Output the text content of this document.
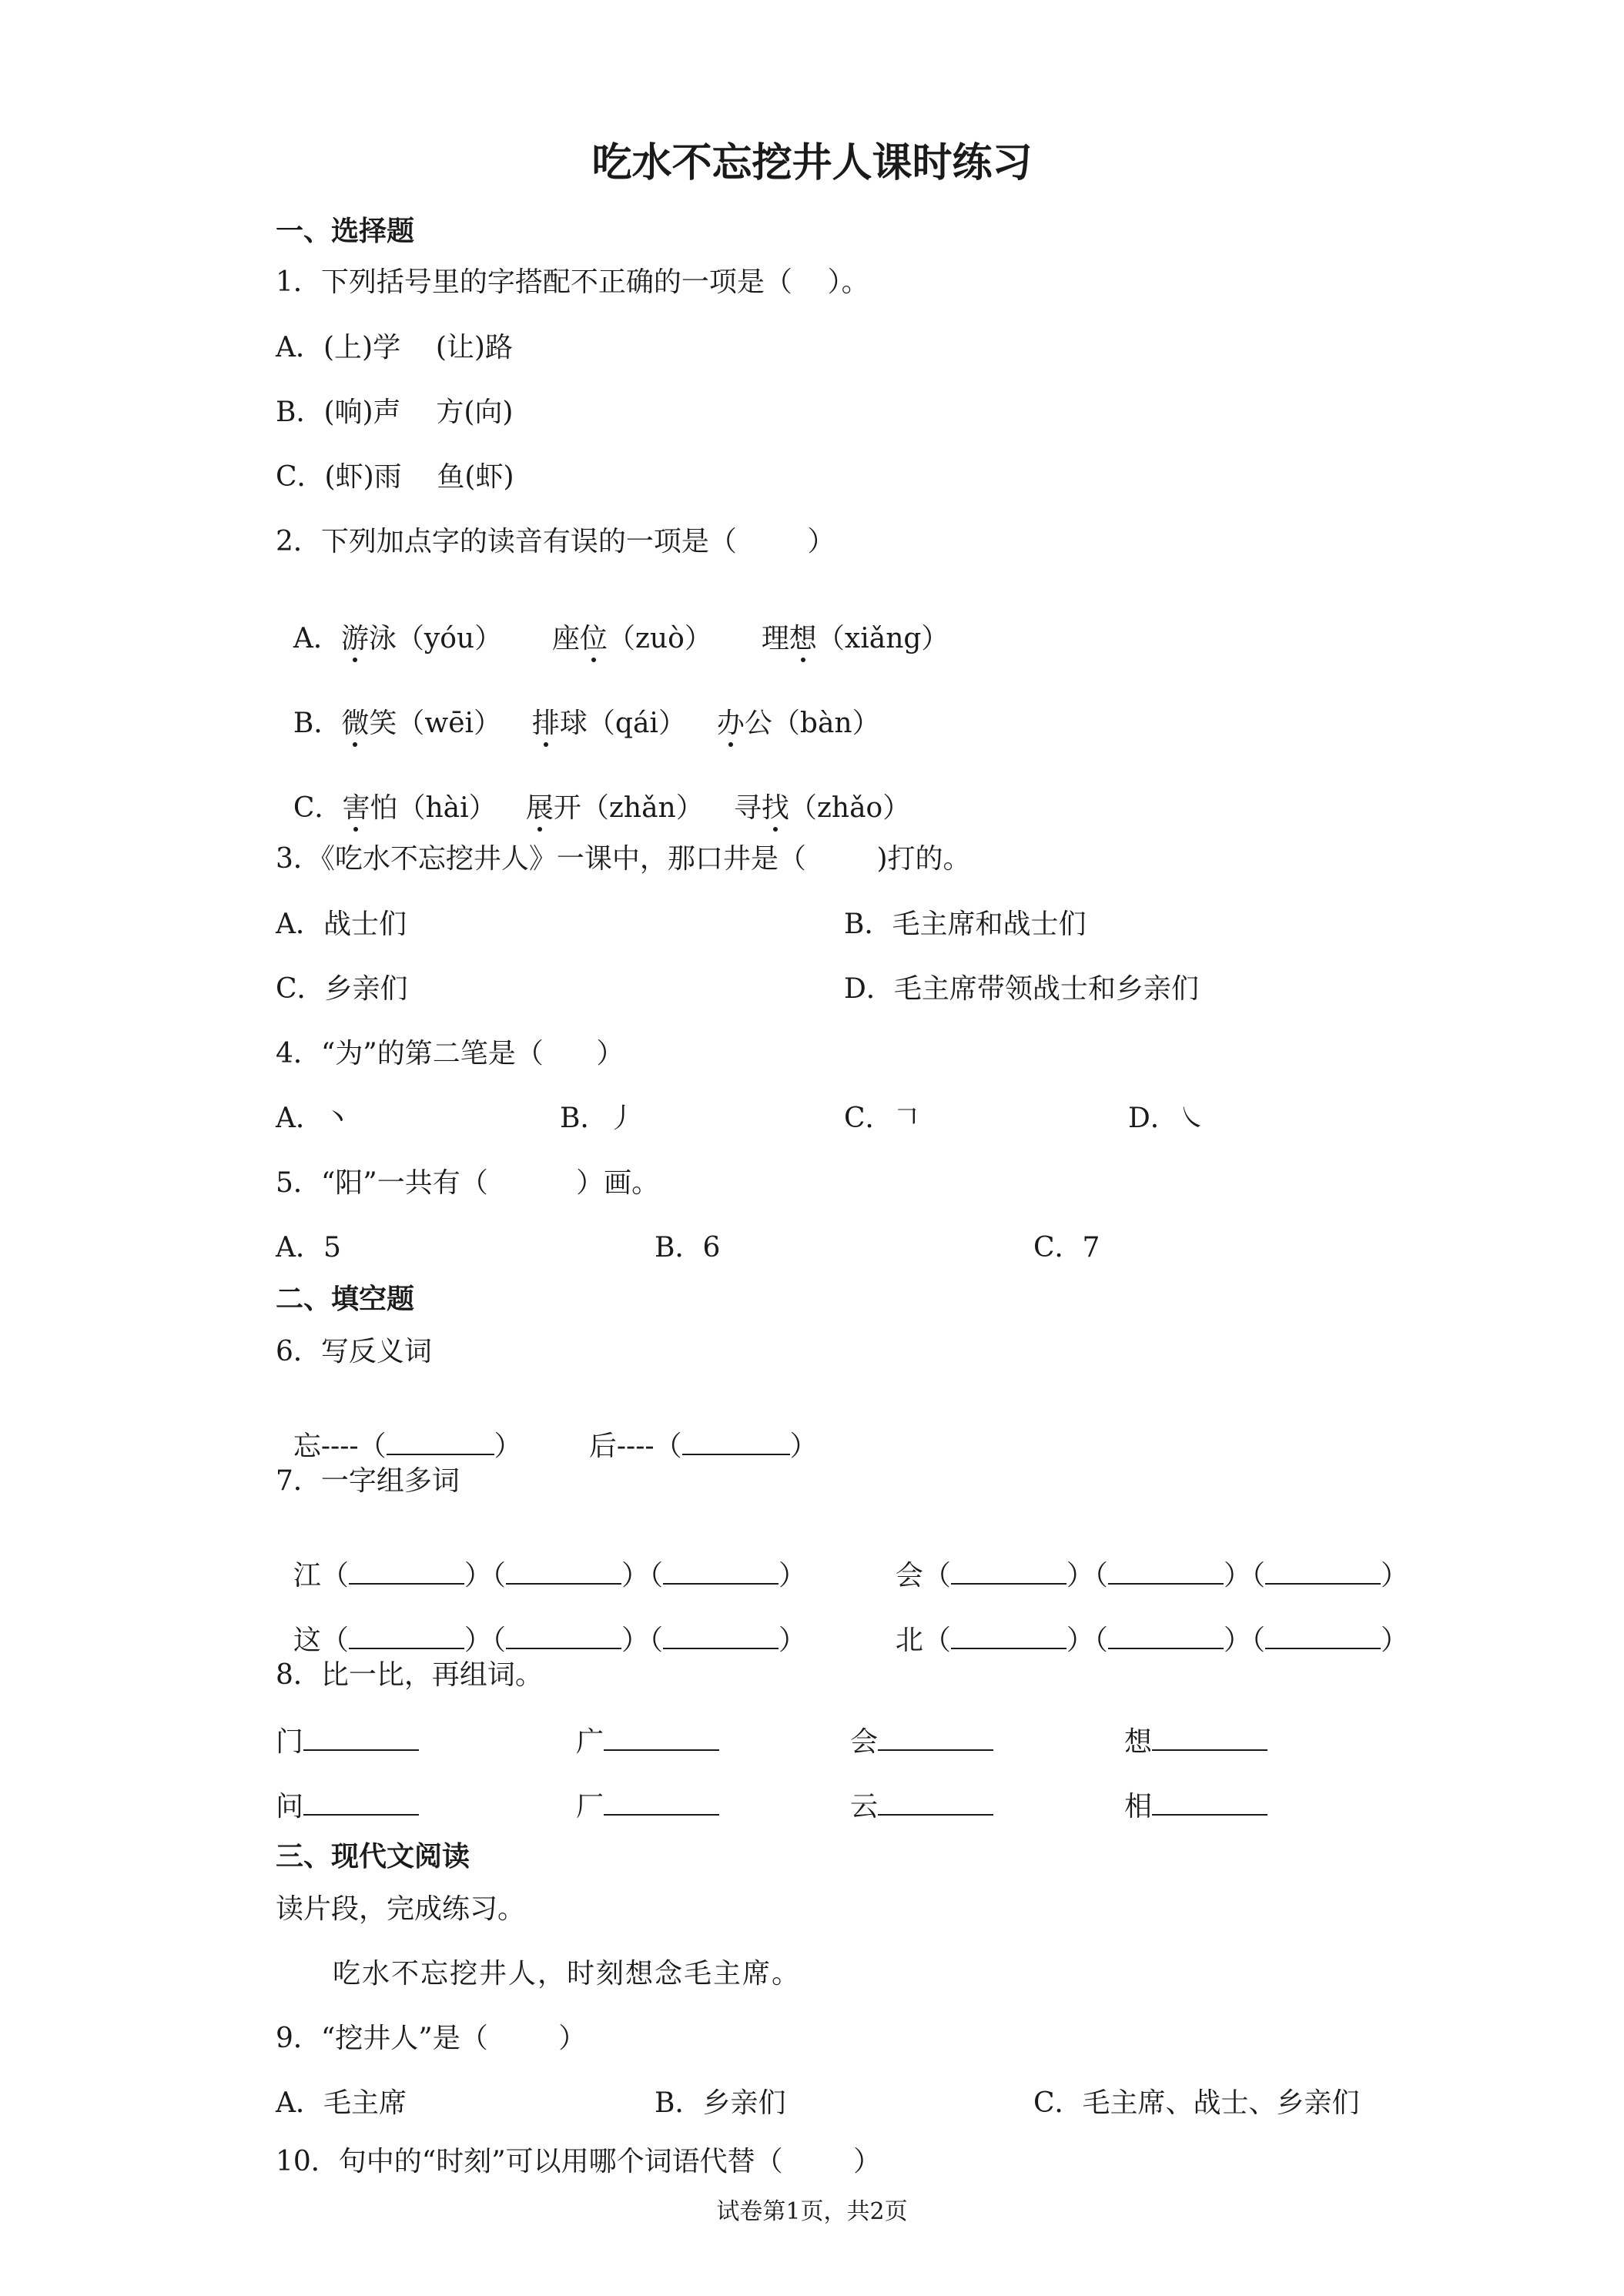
吃水不忘挖井人课时练习
一、选择题
1．下列括号里的字搭配不正确的一项是（    ）。
A．(上)学    (让)路
B．(响)声    方(向)
C．(虾)雨    鱼(虾)
2．下列加点字的读音有误的一项是（        ）

A．游泳（yóu）	座位（zuò）	理想（xiǎng）

B．微笑（wēi）	排球（qái）	办公（bàn）

C．害怕（hài）	展开（zhǎn）	寻找（zhǎo）

3．《吃水不忘挖井人》一课中，那口井是（        )打的。
A．战士们	B．毛主席和战士们
C．乡亲们	D．毛主席带领战士和乡亲们
4．“为”的第二笔是（      ）
A．丶	B．丿	C．𠃍	D．㇏
5．“阳”一共有（          ）画。
A．5	B．6	C．7
二、填空题
6．写反义词

忘----（	）	后----（	）

7．一字组多词

江（	）（	）（	）	会（	）（	）（	）

这（	）（	）（	）	北（	）（	）（	）

8．比一比，再组词。
门	广	会	想
问	厂	云	相
三、现代文阅读
读片段，完成练习。
吃水不忘挖井人，时刻想念毛主席。
9．“挖井人”是（        ）
A．毛主席	B．乡亲们	C．毛主席、战士、乡亲们
10．句中的“时刻”可以用哪个词语代替（        ）
试卷第1页，共2页
